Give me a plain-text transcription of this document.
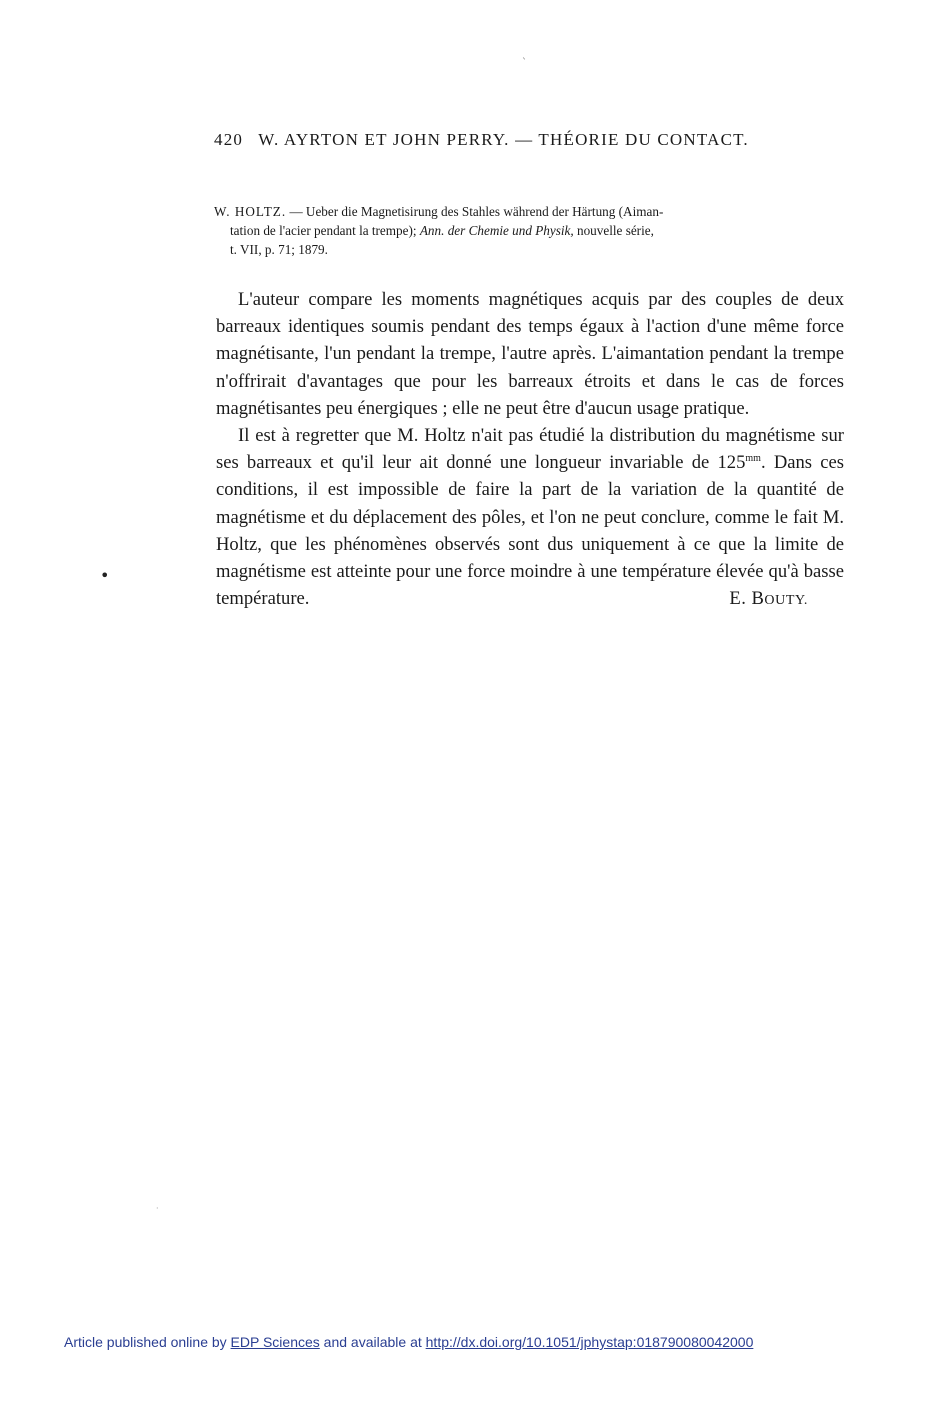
`
•
·
420 W. AYRTON ET JOHN PERRY. — THÉORIE DU CONTACT.
W. HOLTZ. — Ueber die Magnetisirung des Stahles während der Härtung (Aiman-
tation de l'acier pendant la trempe); Ann. der Chemie und Physik, nouvelle série,
t. VII, p. 71; 1879.

L'auteur compare les moments magnétiques acquis par des couples de deux barreaux identiques soumis pendant des temps égaux à l'action d'une même force magnétisante, l'un pendant la trempe, l'autre après. L'aimantation pendant la trempe n'offrirait d'avantages que pour les barreaux étroits et dans le cas de forces magnétisantes peu énergiques ; elle ne peut être d'aucun usage pratique.

Il est à regretter que M. Holtz n'ait pas étudié la distribution du magnétisme sur ses barreaux et qu'il leur ait donné une longueur invariable de $125^{mm}$. Dans ces conditions, il est impossible de faire la part de la variation de la quantité de magnétisme et du déplacement des pôles, et l'on ne peut conclure, comme le fait M. Holtz, que les phénomènes observés sont dus uniquement à ce que la limite de magnétisme est atteinte pour une force moindre à une température élevée qu'à basse température.	E. BOUTY.

Article published online by EDP Sciences and available at http://dx.doi.org/10.1051/jphystap:018790080042000
